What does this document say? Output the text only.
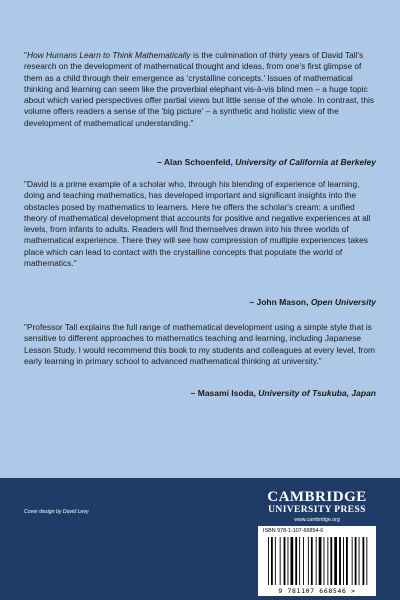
"How Humans Learn to Think Mathematically is the culmination of thirty years of David Tall's research on the development of mathematical thought and ideas, from one's first glimpse of them as a child through their emergence as 'crystalline concepts.' Issues of mathematical thinking and learning can seem like the proverbial elephant vis-à-vis blind men – a huge topic about which varied perspectives offer partial views but little sense of the whole. In contrast, this volume offers readers a sense of the 'big picture' – a synthetic and holistic view of the development of mathematical understanding."

– Alan Schoenfeld, University of California at Berkeley

"David is a prime example of a scholar who, through his blending of experience of learning, doing and teaching mathematics, has developed important and significant insights into the obstacles posed by mathematics to learners. Here he offers the scholar's cream: a unified theory of mathematical development that accounts for positive and negative experiences at all levels, from infants to adults. Readers will find themselves drawn into his three worlds of mathematical experience. There they will see how compression of multiple experiences takes place which can lead to contact with the crystalline concepts that populate the world of mathematics."

– John Mason, Open University

"Professor Tall explains the full range of mathematical development using a simple style that is sensitive to different approaches to mathematics teaching and learning, including Japanese Lesson Study. I would recommend this book to my students and colleagues at every level, from early learning in primary school to advanced mathematical thinking at university."

– Masami Isoda, University of Tsukuba, Japan

Cover design by David Levy
CAMBRIDGE
UNIVERSITY PRESS
www.cambridge.org
ISBN 978-1-107-66854-6
9 781107 668546 >
